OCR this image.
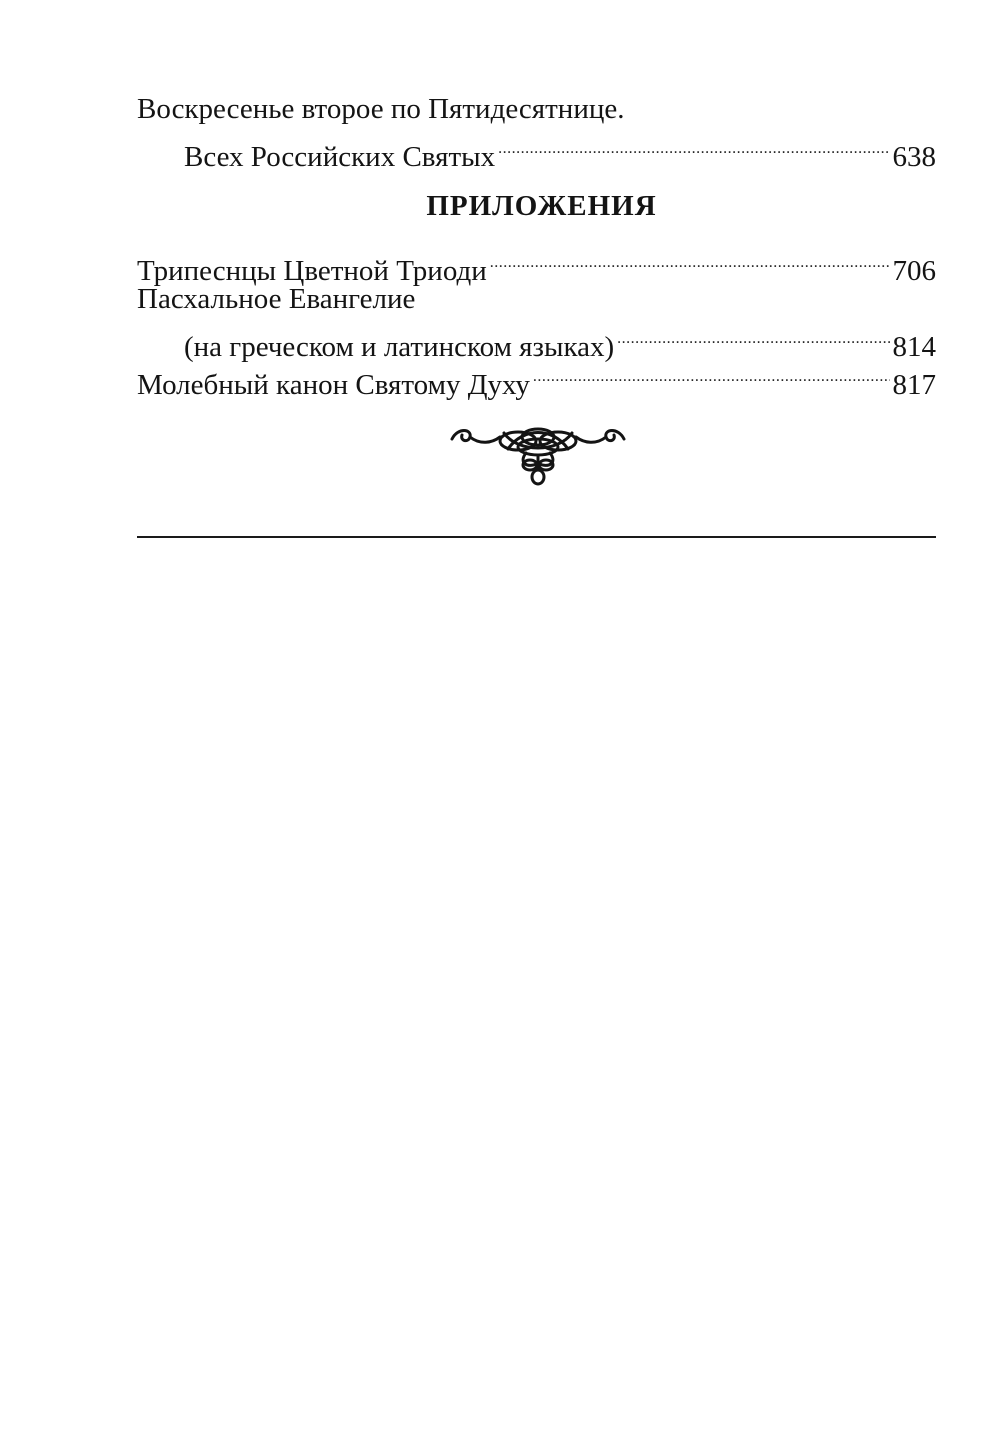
Воскресенье второе по Пятидесятнице.
Всех Российских Святых .....	638
ПРИЛОЖЕНИЯ
Трипеснцы Цветной Триоди .....	706
Пасхальное Евангелие
(на греческом и латинском языках) .....	814
Молебный канон Святому Духу .....	817
